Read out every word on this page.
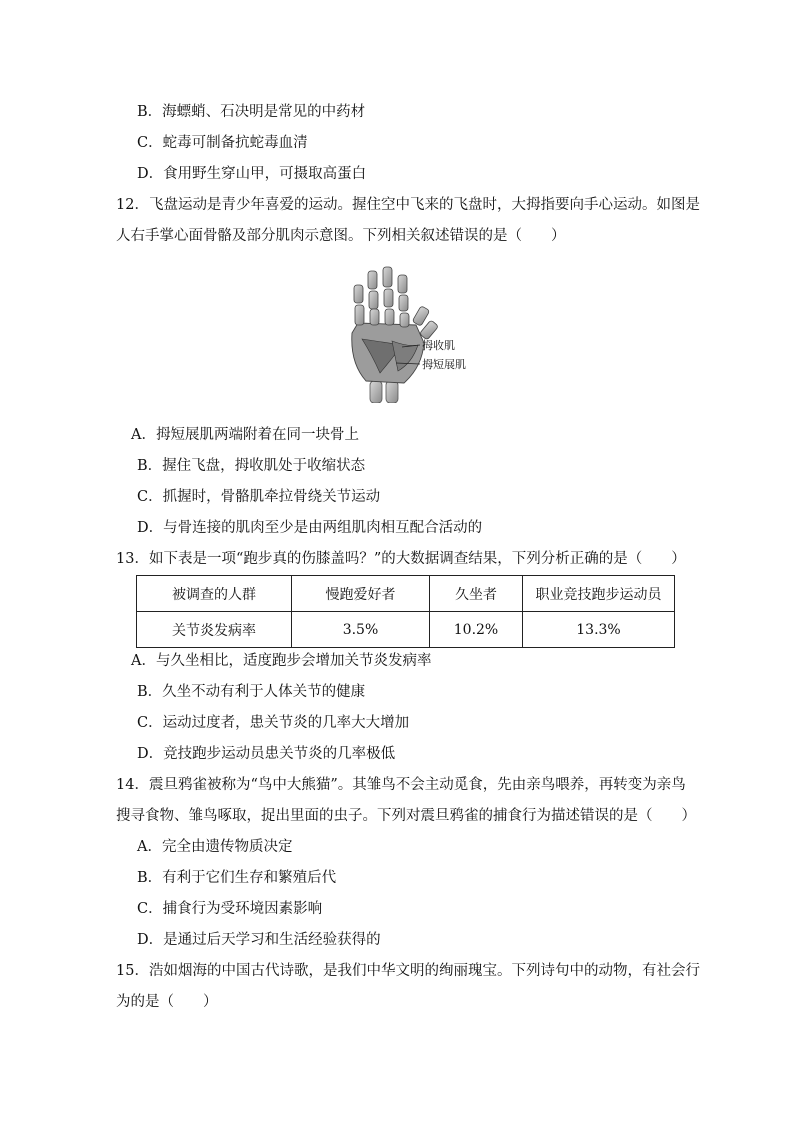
B．海螵蛸、石决明是常见的中药材
C．蛇毒可制备抗蛇毒血清
D．食用野生穿山甲，可摄取高蛋白
12．飞盘运动是青少年喜爱的运动。握住空中飞来的飞盘时，大拇指要向手心运动。如图是
人右手掌心面骨骼及部分肌肉示意图。下列相关叙述错误的是（　　）
拇收肌
拇短展肌
A．拇短展肌两端附着在同一块骨上
B．握住飞盘，拇收肌处于收缩状态
C．抓握时，骨骼肌牵拉骨绕关节运动
D．与骨连接的肌肉至少是由两组肌肉相互配合活动的
13．如下表是一项“跑步真的伤膝盖吗？”的大数据调查结果，下列分析正确的是（　　）
被调查的人群	慢跑爱好者	久坐者	职业竞技跑步运动员
关节炎发病率	3.5%	10.2%	13.3%
A．与久坐相比，适度跑步会增加关节炎发病率
B．久坐不动有利于人体关节的健康
C．运动过度者，患关节炎的几率大大增加
D．竞技跑步运动员患关节炎的几率极低
14．震旦鸦雀被称为“鸟中大熊猫”。其雏鸟不会主动觅食，先由亲鸟喂养，再转变为亲鸟
搜寻食物、雏鸟啄取，捉出里面的虫子。下列对震旦鸦雀的捕食行为描述错误的是（　　）
A．完全由遗传物质决定
B．有利于它们生存和繁殖后代
C．捕食行为受环境因素影响
D．是通过后天学习和生活经验获得的
15．浩如烟海的中国古代诗歌，是我们中华文明的绚丽瑰宝。下列诗句中的动物，有社会行
为的是（　　）
